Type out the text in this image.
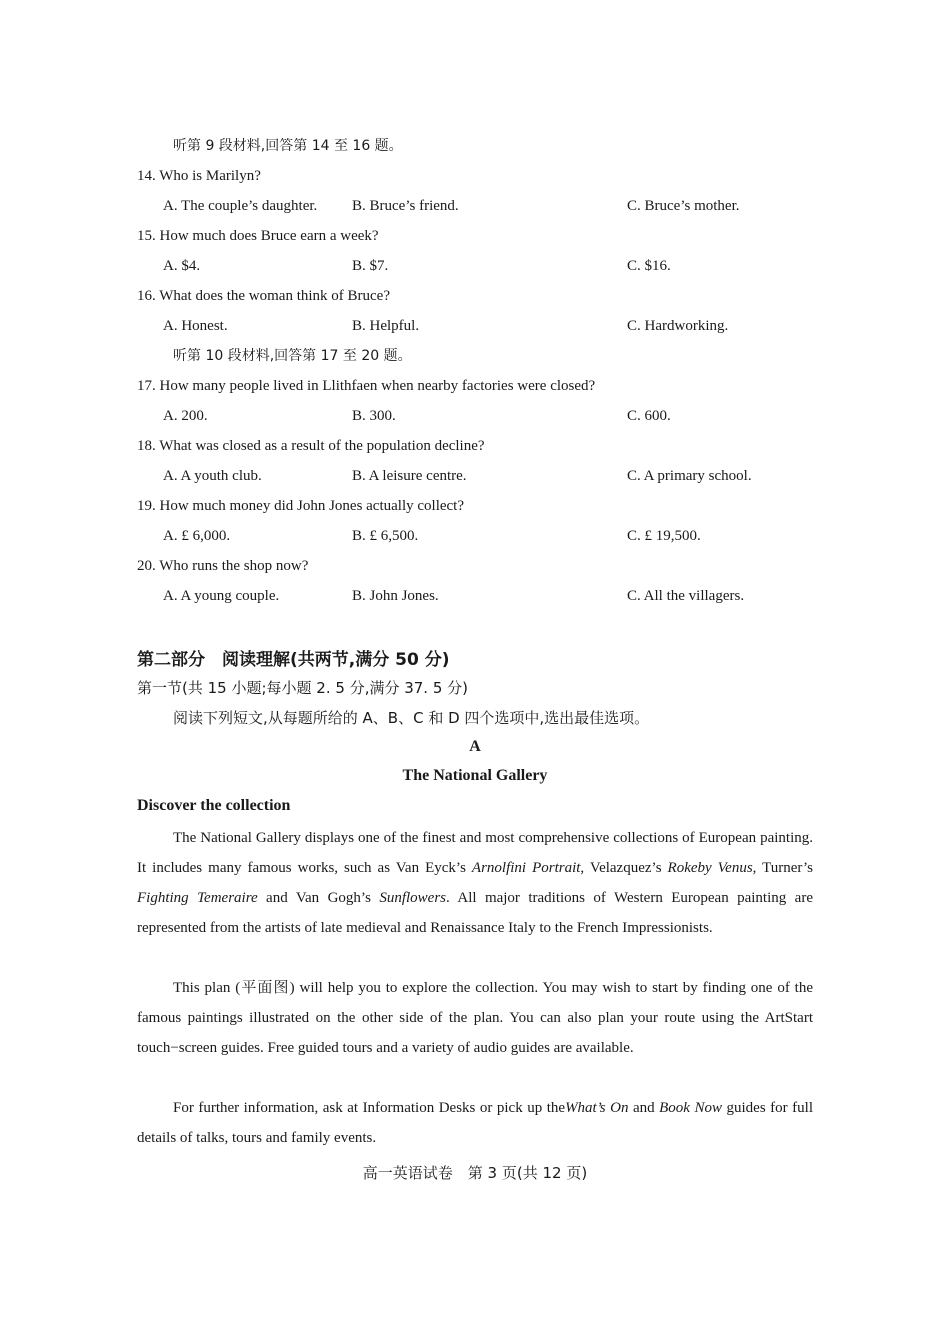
听第 9 段材料,回答第 14 至 16 题。
14. Who is Marilyn?
A. The couple’s daughter. B. Bruce’s friend.	C. Bruce’s mother.
15. How much does Bruce earn a week?
A. $4.	B. $7.	C. $16.
16. What does the woman think of Bruce?
A. Honest.	B. Helpful.	C. Hardworking.
听第 10 段材料,回答第 17 至 20 题。
17. How many people lived in Llithfaen when nearby factories were closed?
A. 200.	B. 300.	C. 600.
18. What was closed as a result of the population decline?
A. A youth club.	B. A leisure centre.	C. A primary school.
19. How much money did John Jones actually collect?
A. £ 6,000.	B. £ 6,500.	C. £ 19,500.
20. Who runs the shop now?
A. A young couple.	B. John Jones.	C. All the villagers.
第二部分　阅读理解(共两节,满分 50 分)
第一节(共 15 小题;每小题 2. 5 分,满分 37. 5 分)
阅读下列短文,从每题所给的 A、B、C 和 D 四个选项中,选出最佳选项。
A
The National Gallery
Discover the collection
The National Gallery displays one of the finest and most comprehensive collections of European painting. It includes many famous works, such as Van Eyck’s Arnolfini Portrait, Velazquez’s Rokeby Venus, Turner’s Fighting Temeraire and Van Gogh’s Sunflowers. All major traditions of Western European painting are represented from the artists of late medieval and Renaissance Italy to the French Impressionists.
This plan (平面图) will help you to explore the collection. You may wish to start by finding one of the famous paintings illustrated on the other side of the plan. You can also plan your route using the ArtStart touch−screen guides. Free guided tours and a variety of audio guides are available.
For further information, ask at Information Desks or pick up theWhat’s On and Book Now guides for full details of talks, tours and family events.
高一英语试卷　第 3 页(共 12 页)
